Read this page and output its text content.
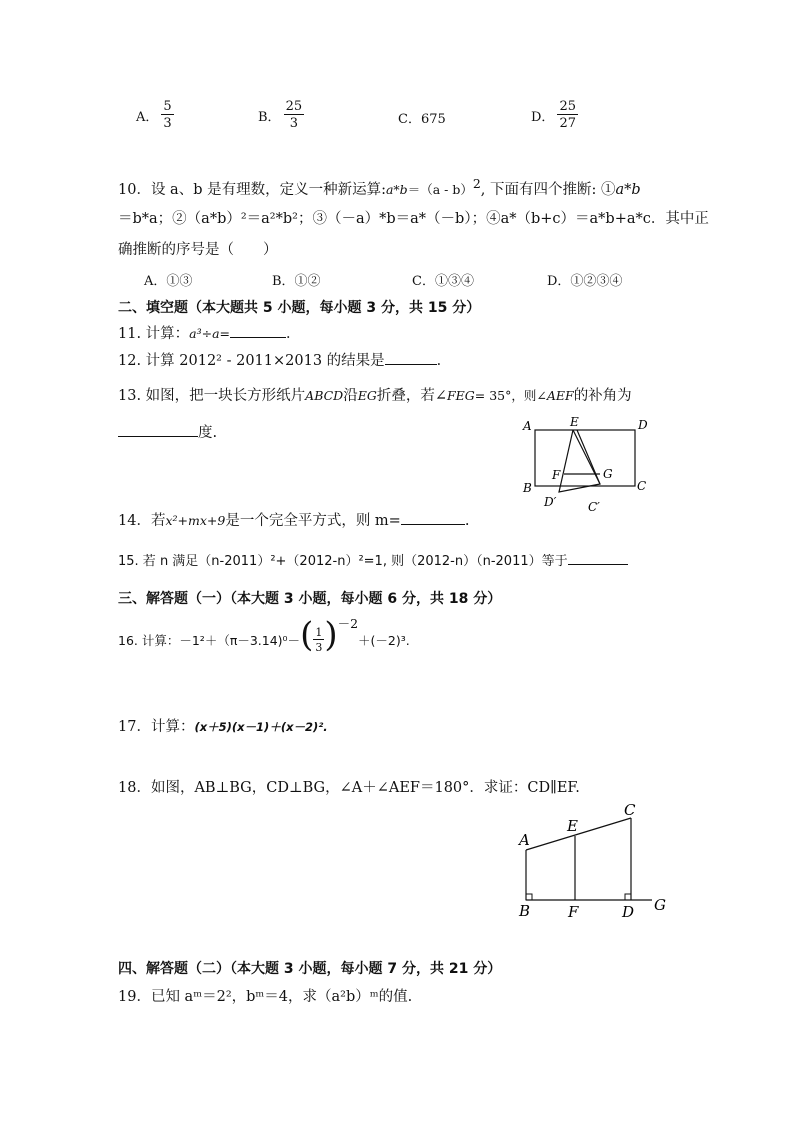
A． $\frac{5}{3}$	B． $\frac{25}{3}$	C．675	D． $\frac{25}{27}$
10．设 a、b 是有理数，定义一种新运算:a*b＝（a - b）$^2$, 下面有四个推断: ①a*b
＝b*a；②（a*b）²＝a²*b²；③（－a）*b＝a*（－b）；④a*（b+c）＝a*b+a*c．其中正
确推断的序号是（　　）
A．①③	B．①②	C．①③④	D．①②③④
二、填空题（本大题共 5 小题，每小题 3 分，共 15 分）
11. 计算：a³÷a=	．
12. 计算 2012² - 2011×2013 的结果是	．
13. 如图，把一块长方形纸片ABCD沿EG折叠，若∠FEG= 35°，则∠AEF的补角为
度.	A	E	D
F	G
B	C
D′	C′
14．若x²+mx+9是一个完全平方式，则 m=	.
15. 若 n 满足（n-2011）²+（2012-n）²=1, 则（2012-n）（n-2011）等于
三、解答题（一）（本大题 3 小题，每小题 6 分，共 18 分）
16. 计算：$-1^2+(\pi-3.14)^0-( \frac{1}{3} )^{-2}+(-2)^3$.
17．计算：(x＋5)(x－1)＋(x－2)².
18．如图，AB⊥BG，CD⊥BG，∠A＋∠AEF＝180°．求证：CD∥EF.
A
E
C
B	F	D G
四、解答题（二）（本大题 3 小题，每小题 7 分，共 21 分）
19．已知 aᵐ＝2²，bᵐ＝4，求（a²b）ᵐ的值.
